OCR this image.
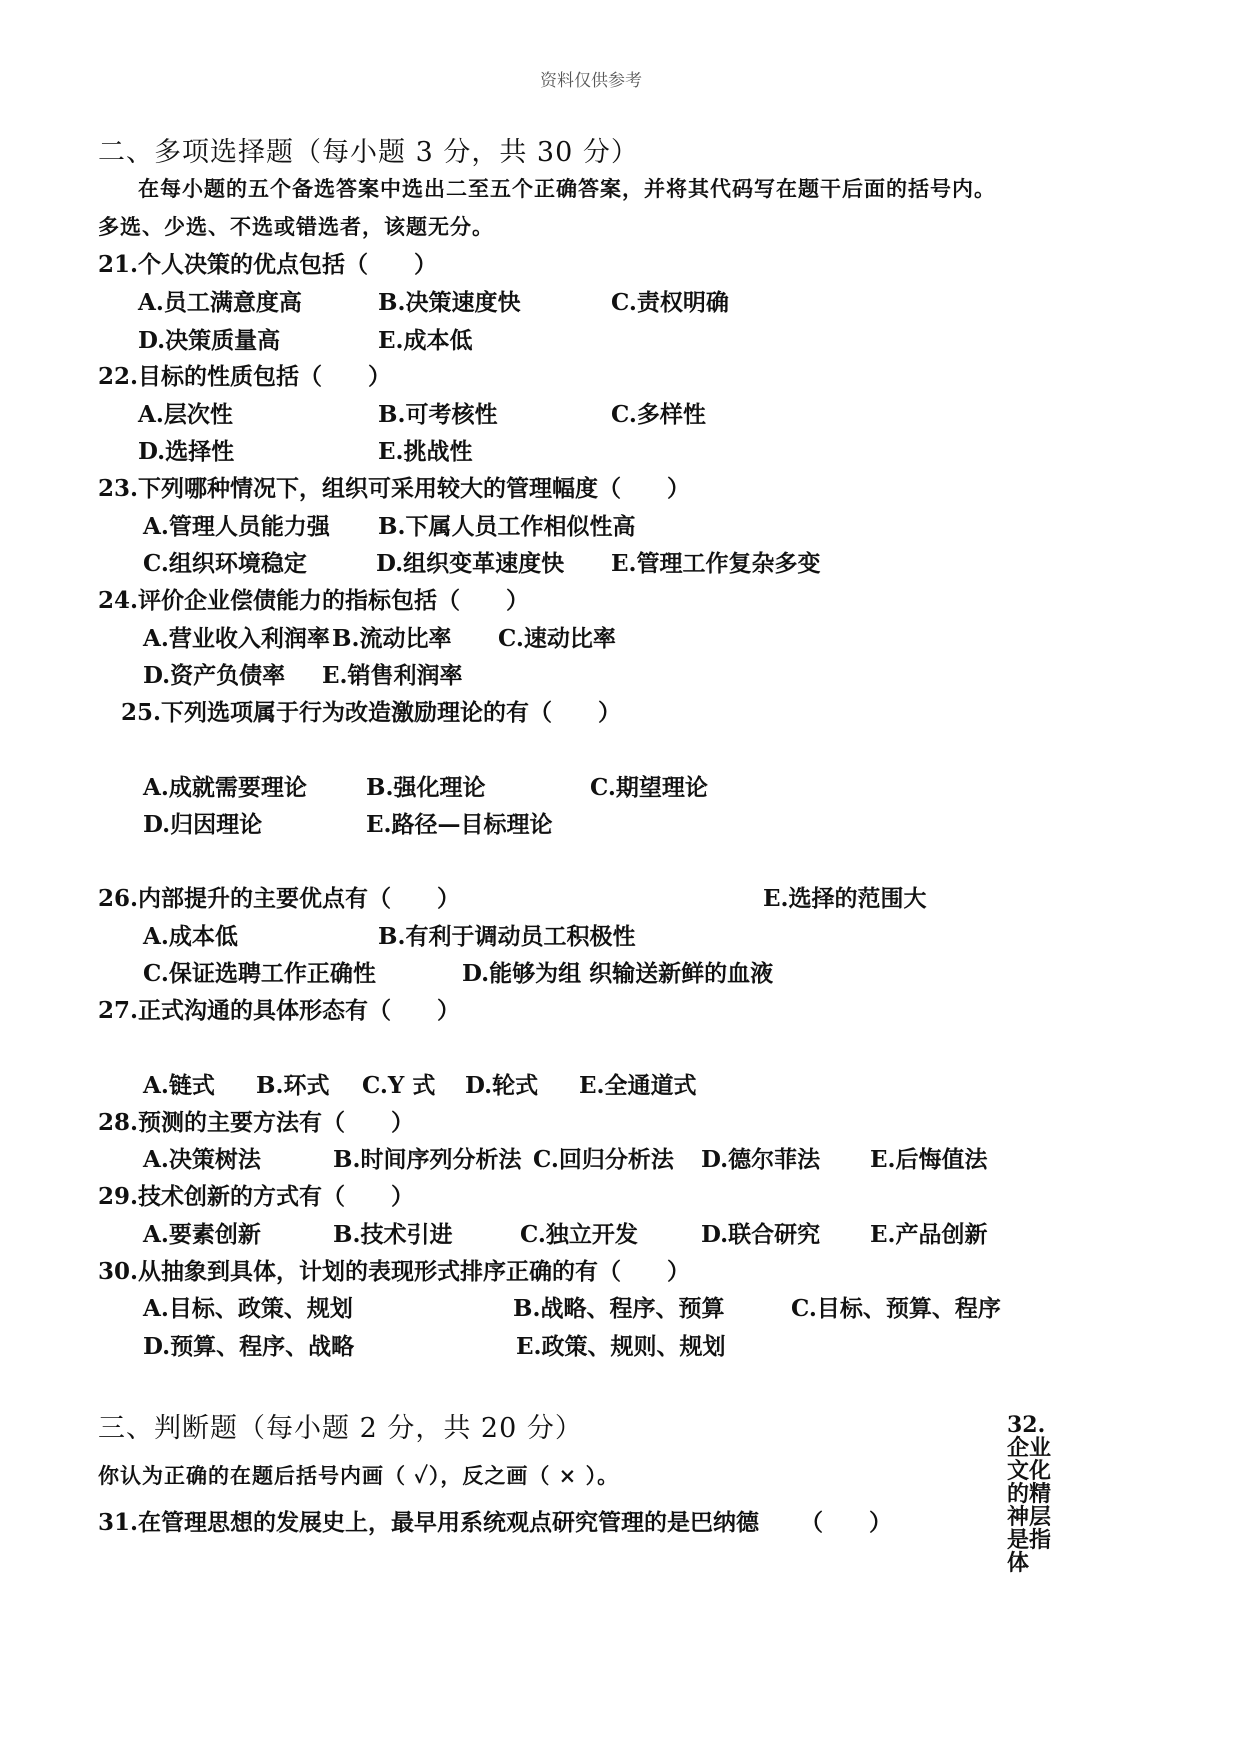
资料仅供参考
二、多项选择题（每小题 3 分，共 30 分）
在每小题的五个备选答案中选出二至五个正确答案，并将其代码写在题干后面的括号内。
多选、少选、不选或错选者，该题无分。
21.个人决策的优点包括（　　）
A.员工满意度高	B.决策速度快	C.责权明确
D.决策质量高	E.成本低
22.目标的性质包括（　　）
A.层次性	B.可考核性	C.多样性
D.选择性	E.挑战性
23.下列哪种情况下，组织可采用较大的管理幅度（　　）
A.管理人员能力强 B.下属人员工作相似性高
C.组织环境稳定	D.组织变革速度快 E.管理工作复杂多变
24.评价企业偿债能力的指标包括（　　）
A.营业收入利润率 B.流动比率 C.速动比率
D.资产负债率 E.销售利润率
25.下列选项属于行为改造激励理论的有（　　）
A.成就需要理论	B.强化理论	C.期望理论
D.归因理论	E.路径—目标理论
26.内部提升的主要优点有（　　）	E.选择的范围大
A.成本低	B.有利于调动员工积极性
C.保证选聘工作正确性	D.能够为组 织输送新鲜的血液
27.正式沟通的具体形态有（　　）
A.链式 B.环式 C.Y 式 D.轮式 E.全通道式
28.预测的主要方法有（　　）
A.决策树法	B.时间序列分析法 C.回归分析法 D.德尔菲法 E.后悔值法
29.技术创新的方式有（　　）
A.要素创新	B.技术引进	C.独立开发	D.联合研究 E.产品创新
30.从抽象到具体，计划的表现形式排序正确的有（　　）
A.目标、政策、规划	B.战略、程序、预算	C.目标、预算、程序
D.预算、程序、战略	E.政策、规则、规划
三、判断题（每小题 2 分，共 20 分）
你认为正确的在题后括号内画（ ✓），反之画（ × ）。
31.在管理思想的发展史上，最早用系统观点研究管理的是巴纳德 （　　）
32.企业文化的精神层是指体
